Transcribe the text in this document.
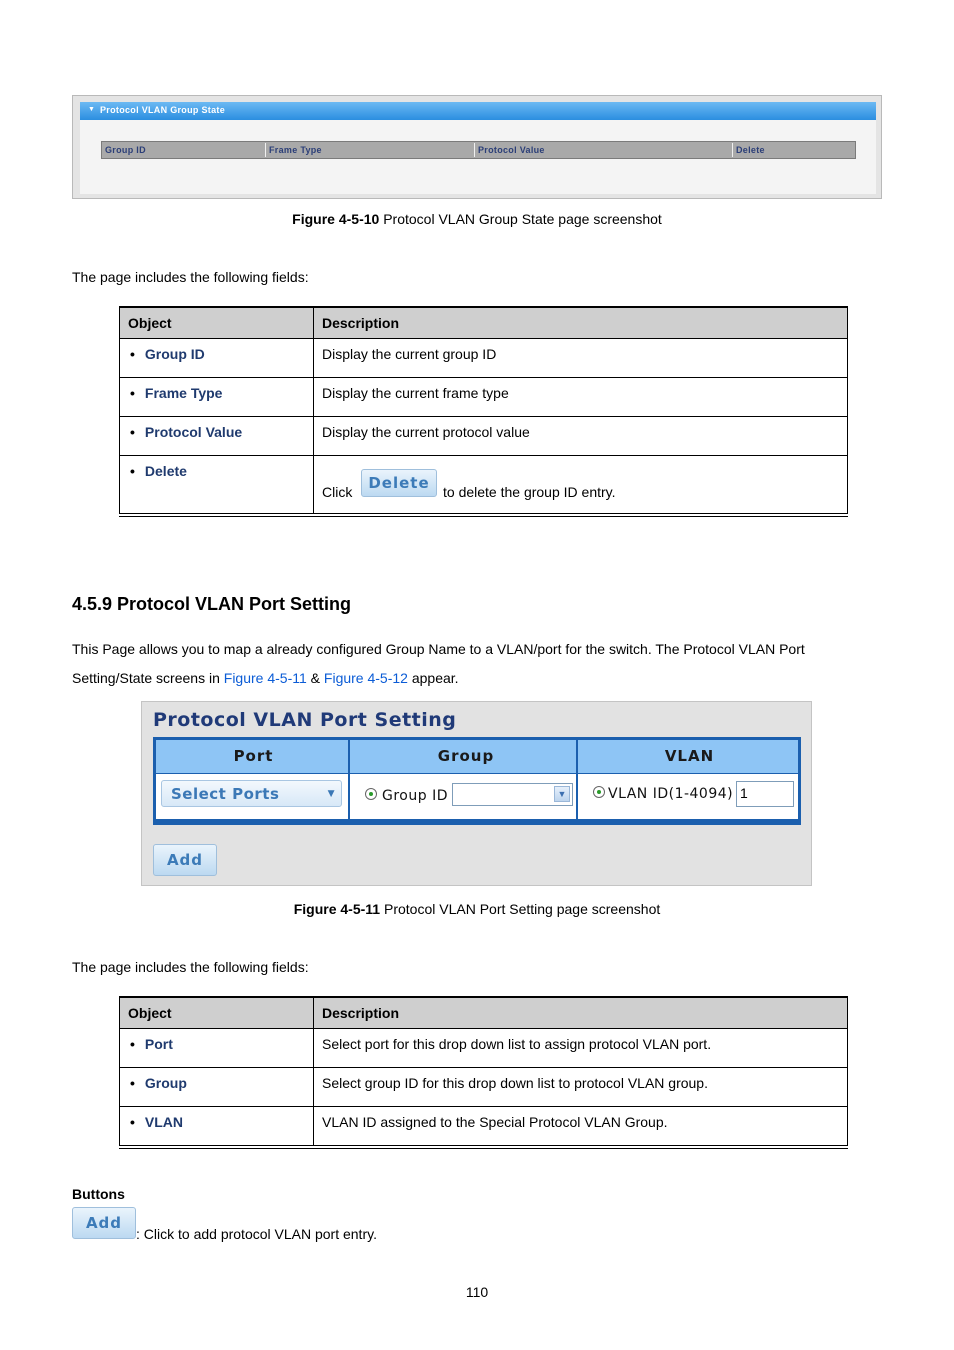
▼ Protocol VLAN Group State
Group ID	Frame Type	Protocol Value	Delete
Figure 4-5-10 Protocol VLAN Group State page screenshot
The page includes the following fields:
Object	Description
• Group ID	Display the current group ID
• Frame Type	Display the current frame type
• Protocol Value	Display the current protocol value
• Delete	Click Delete to delete the group ID entry.
4.5.9 Protocol VLAN Port Setting
This Page allows you to map a already configured Group Name to a VLAN/port for the switch. The Protocol VLAN Port
Setting/State screens in Figure 4-5-11 & Figure 4-5-12 appear.
Protocol VLAN Port Setting
Port	Group	VLAN
Select Ports	▼	Group ID	▼	VLAN ID(1-4094) 1
Add
Figure 4-5-11 Protocol VLAN Port Setting page screenshot
The page includes the following fields:
Object	Description
• Port	Select port for this drop down list to assign protocol VLAN port.
• Group	Select group ID for this drop down list to protocol VLAN group.
• VLAN	VLAN ID assigned to the Special Protocol VLAN Group.
Buttons
Add
: Click to add protocol VLAN port entry.
110
